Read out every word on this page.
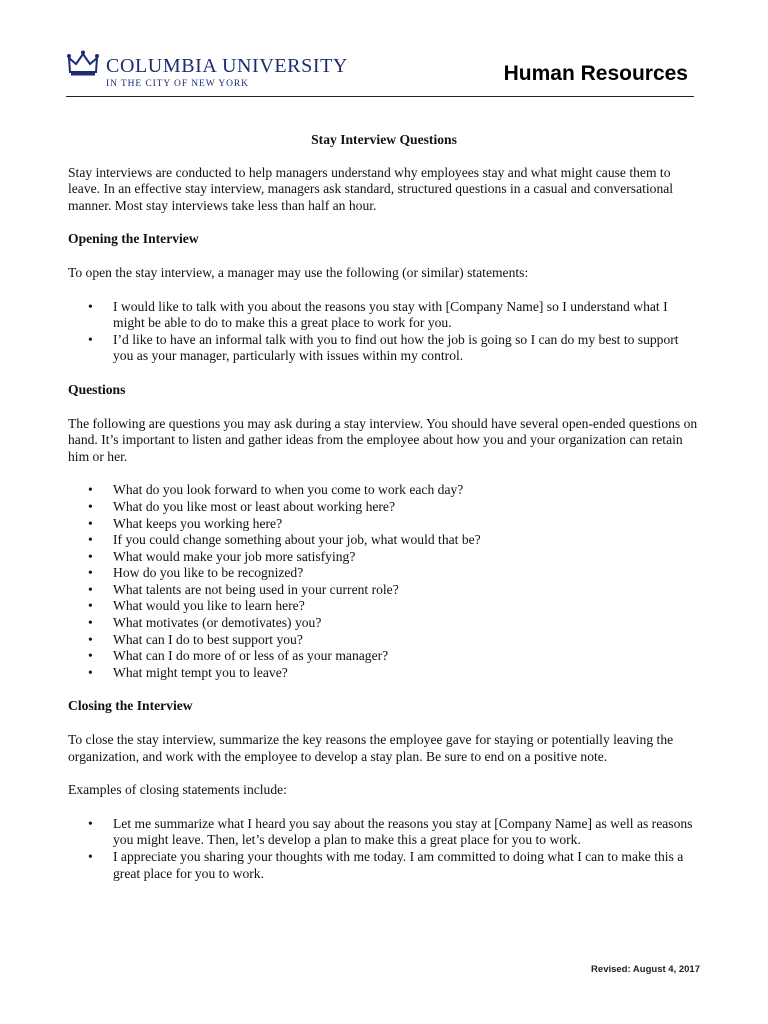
COLUMBIA UNIVERSITY
IN THE CITY OF NEW YORK	Human Resources
Stay Interview Questions

Stay interviews are conducted to help managers understand why employees stay and what might cause them to leave. In an effective stay interview, managers ask standard, structured questions in a casual and conversational manner. Most stay interviews take less than half an hour.

Opening the Interview

To open the stay interview, a manager may use the following (or similar) statements:

• I would like to talk with you about the reasons you stay with [Company Name] so I understand what I might be able to do to make this a great place to work for you.
• I’d like to have an informal talk with you to find out how the job is going so I can do my best to support you as your manager, particularly with issues within my control.
Questions

The following are questions you may ask during a stay interview. You should have several open-ended questions on hand. It’s important to listen and gather ideas from the employee about how you and your organization can retain him or her.

• What do you look forward to when you come to work each day?
• What do you like most or least about working here?
• What keeps you working here?
• If you could change something about your job, what would that be?
• What would make your job more satisfying?
• How do you like to be recognized?
• What talents are not being used in your current role?
• What would you like to learn here?
• What motivates (or demotivates) you?
• What can I do to best support you?
• What can I do more of or less of as your manager?
• What might tempt you to leave?
Closing the Interview

To close the stay interview, summarize the key reasons the employee gave for staying or potentially leaving the organization, and work with the employee to develop a stay plan. Be sure to end on a positive note.

Examples of closing statements include:

• Let me summarize what I heard you say about the reasons you stay at [Company Name] as well as reasons you might leave. Then, let’s develop a plan to make this a great place for you to work.
• I appreciate you sharing your thoughts with me today. I am committed to doing what I can to make this a great place for you to work.
Revised: August 4, 2017
